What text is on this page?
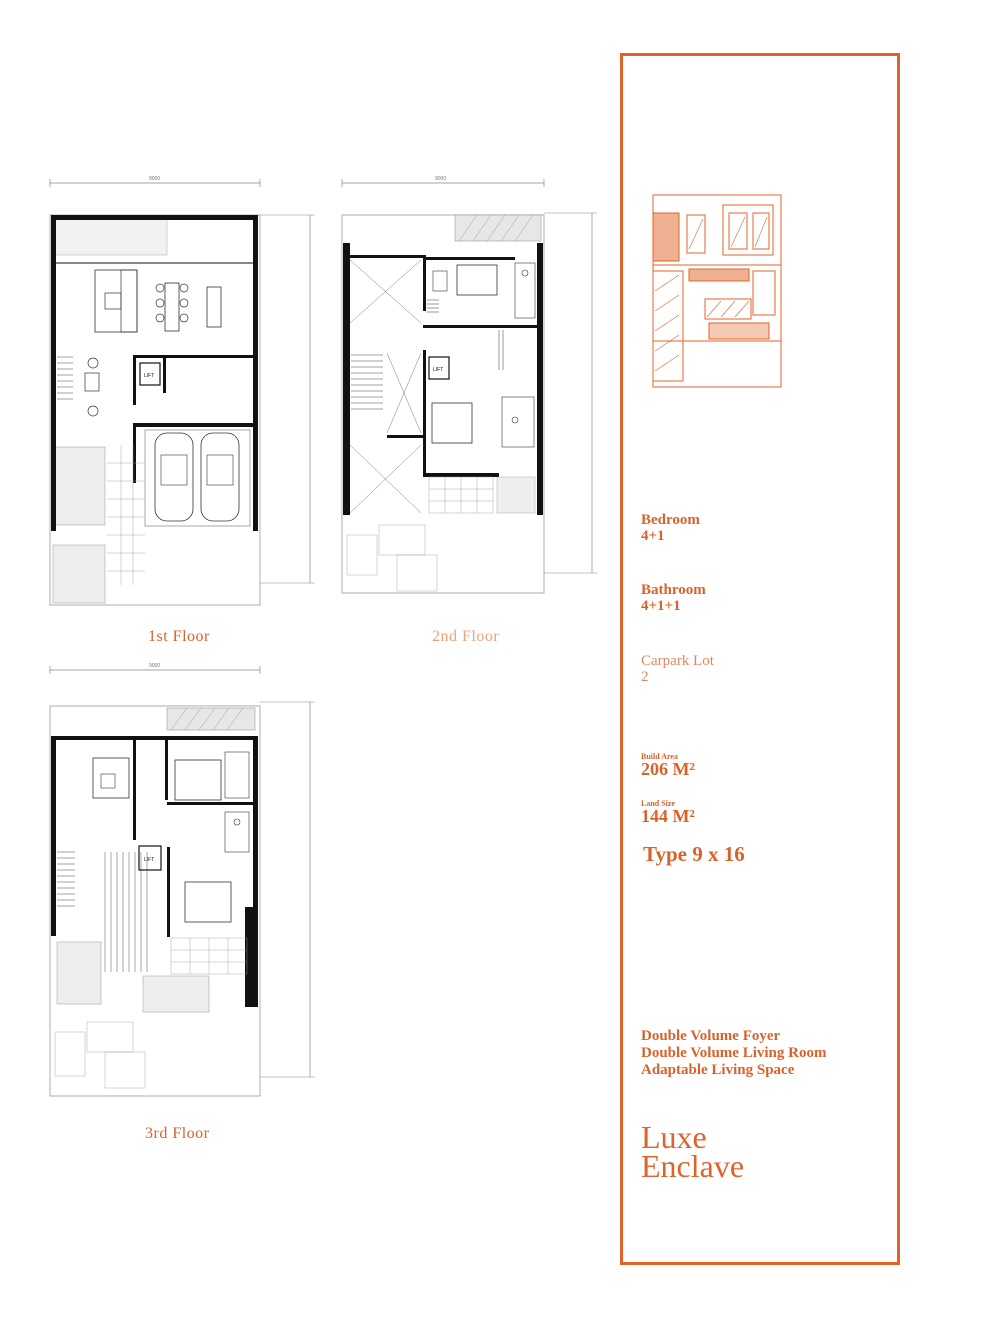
9000
LIFT
1st Floor
9000
LIFT
2nd Floor
9000
LIFT
3rd Floor
Bedroom
4+1
Bathroom
4+1+1
Carpark Lot
2
Build Area
206 M²
Land Size
144 M²
Type 9 x 16
Double Volume Foyer
Double Volume Living Room
Adaptable Living Space
Luxe
Enclave
